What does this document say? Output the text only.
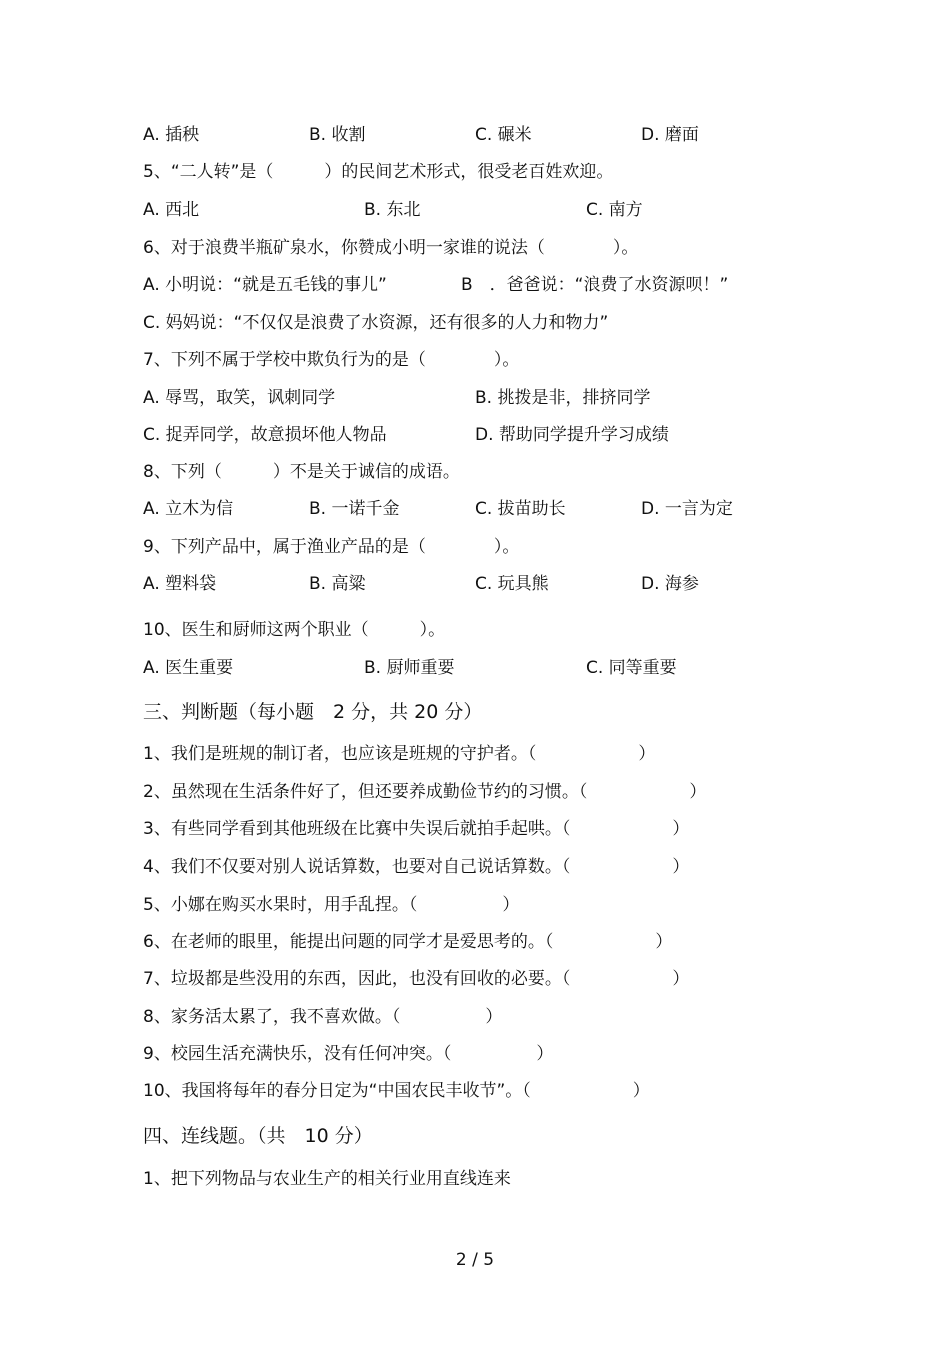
A. 插秧	B. 收割	C. 碾米	D. 磨面
5、“二人转”是（　　　）的民间艺术形式，很受老百姓欢迎。
A. 西北	B. 东北	C. 南方
6、对于浪费半瓶矿泉水，你赞成小明一家谁的说法（　　　　）。
A. 小明说：“就是五毛钱的事儿”	B　．爸爸说：“浪费了水资源呗！”
C. 妈妈说：“不仅仅是浪费了水资源，还有很多的人力和物力”
7、下列不属于学校中欺负行为的是（　　　　）。
A. 辱骂，取笑，讽刺同学	B. 挑拨是非，排挤同学
C. 捉弄同学，故意损坏他人物品	D. 帮助同学提升学习成绩
8、下列（　　　）不是关于诚信的成语。
A. 立木为信	B. 一诺千金	C. 拔苗助长	D. 一言为定
9、下列产品中，属于渔业产品的是（　　　　）。
A. 塑料袋	B. 高粱	C. 玩具熊	D. 海参
10、医生和厨师这两个职业（　　　）。
A. 医生重要	B. 厨师重要	C. 同等重要
三、判断题（每小题　2 分，共 20 分）
1、我们是班规的制订者，也应该是班规的守护者。（　　　　　　）
2、虽然现在生活条件好了，但还要养成勤俭节约的习惯。（　　　　　　）
3、有些同学看到其他班级在比赛中失误后就拍手起哄。（　　　　　　）
4、我们不仅要对别人说话算数，也要对自己说话算数。（　　　　　　）
5、小娜在购买水果时，用手乱捏。（　　　　　）
6、在老师的眼里，能提出问题的同学才是爱思考的。（　　　　　　）
7、垃圾都是些没用的东西，因此，也没有回收的必要。（　　　　　　）
8、家务活太累了，我不喜欢做。（　　　　　）
9、校园生活充满快乐，没有任何冲突。（　　　　　）
10、我国将每年的春分日定为“中国农民丰收节”。（　　　　　　）
四、连线题。（共　10 分）
1、把下列物品与农业生产的相关行业用直线连来
2 / 5
